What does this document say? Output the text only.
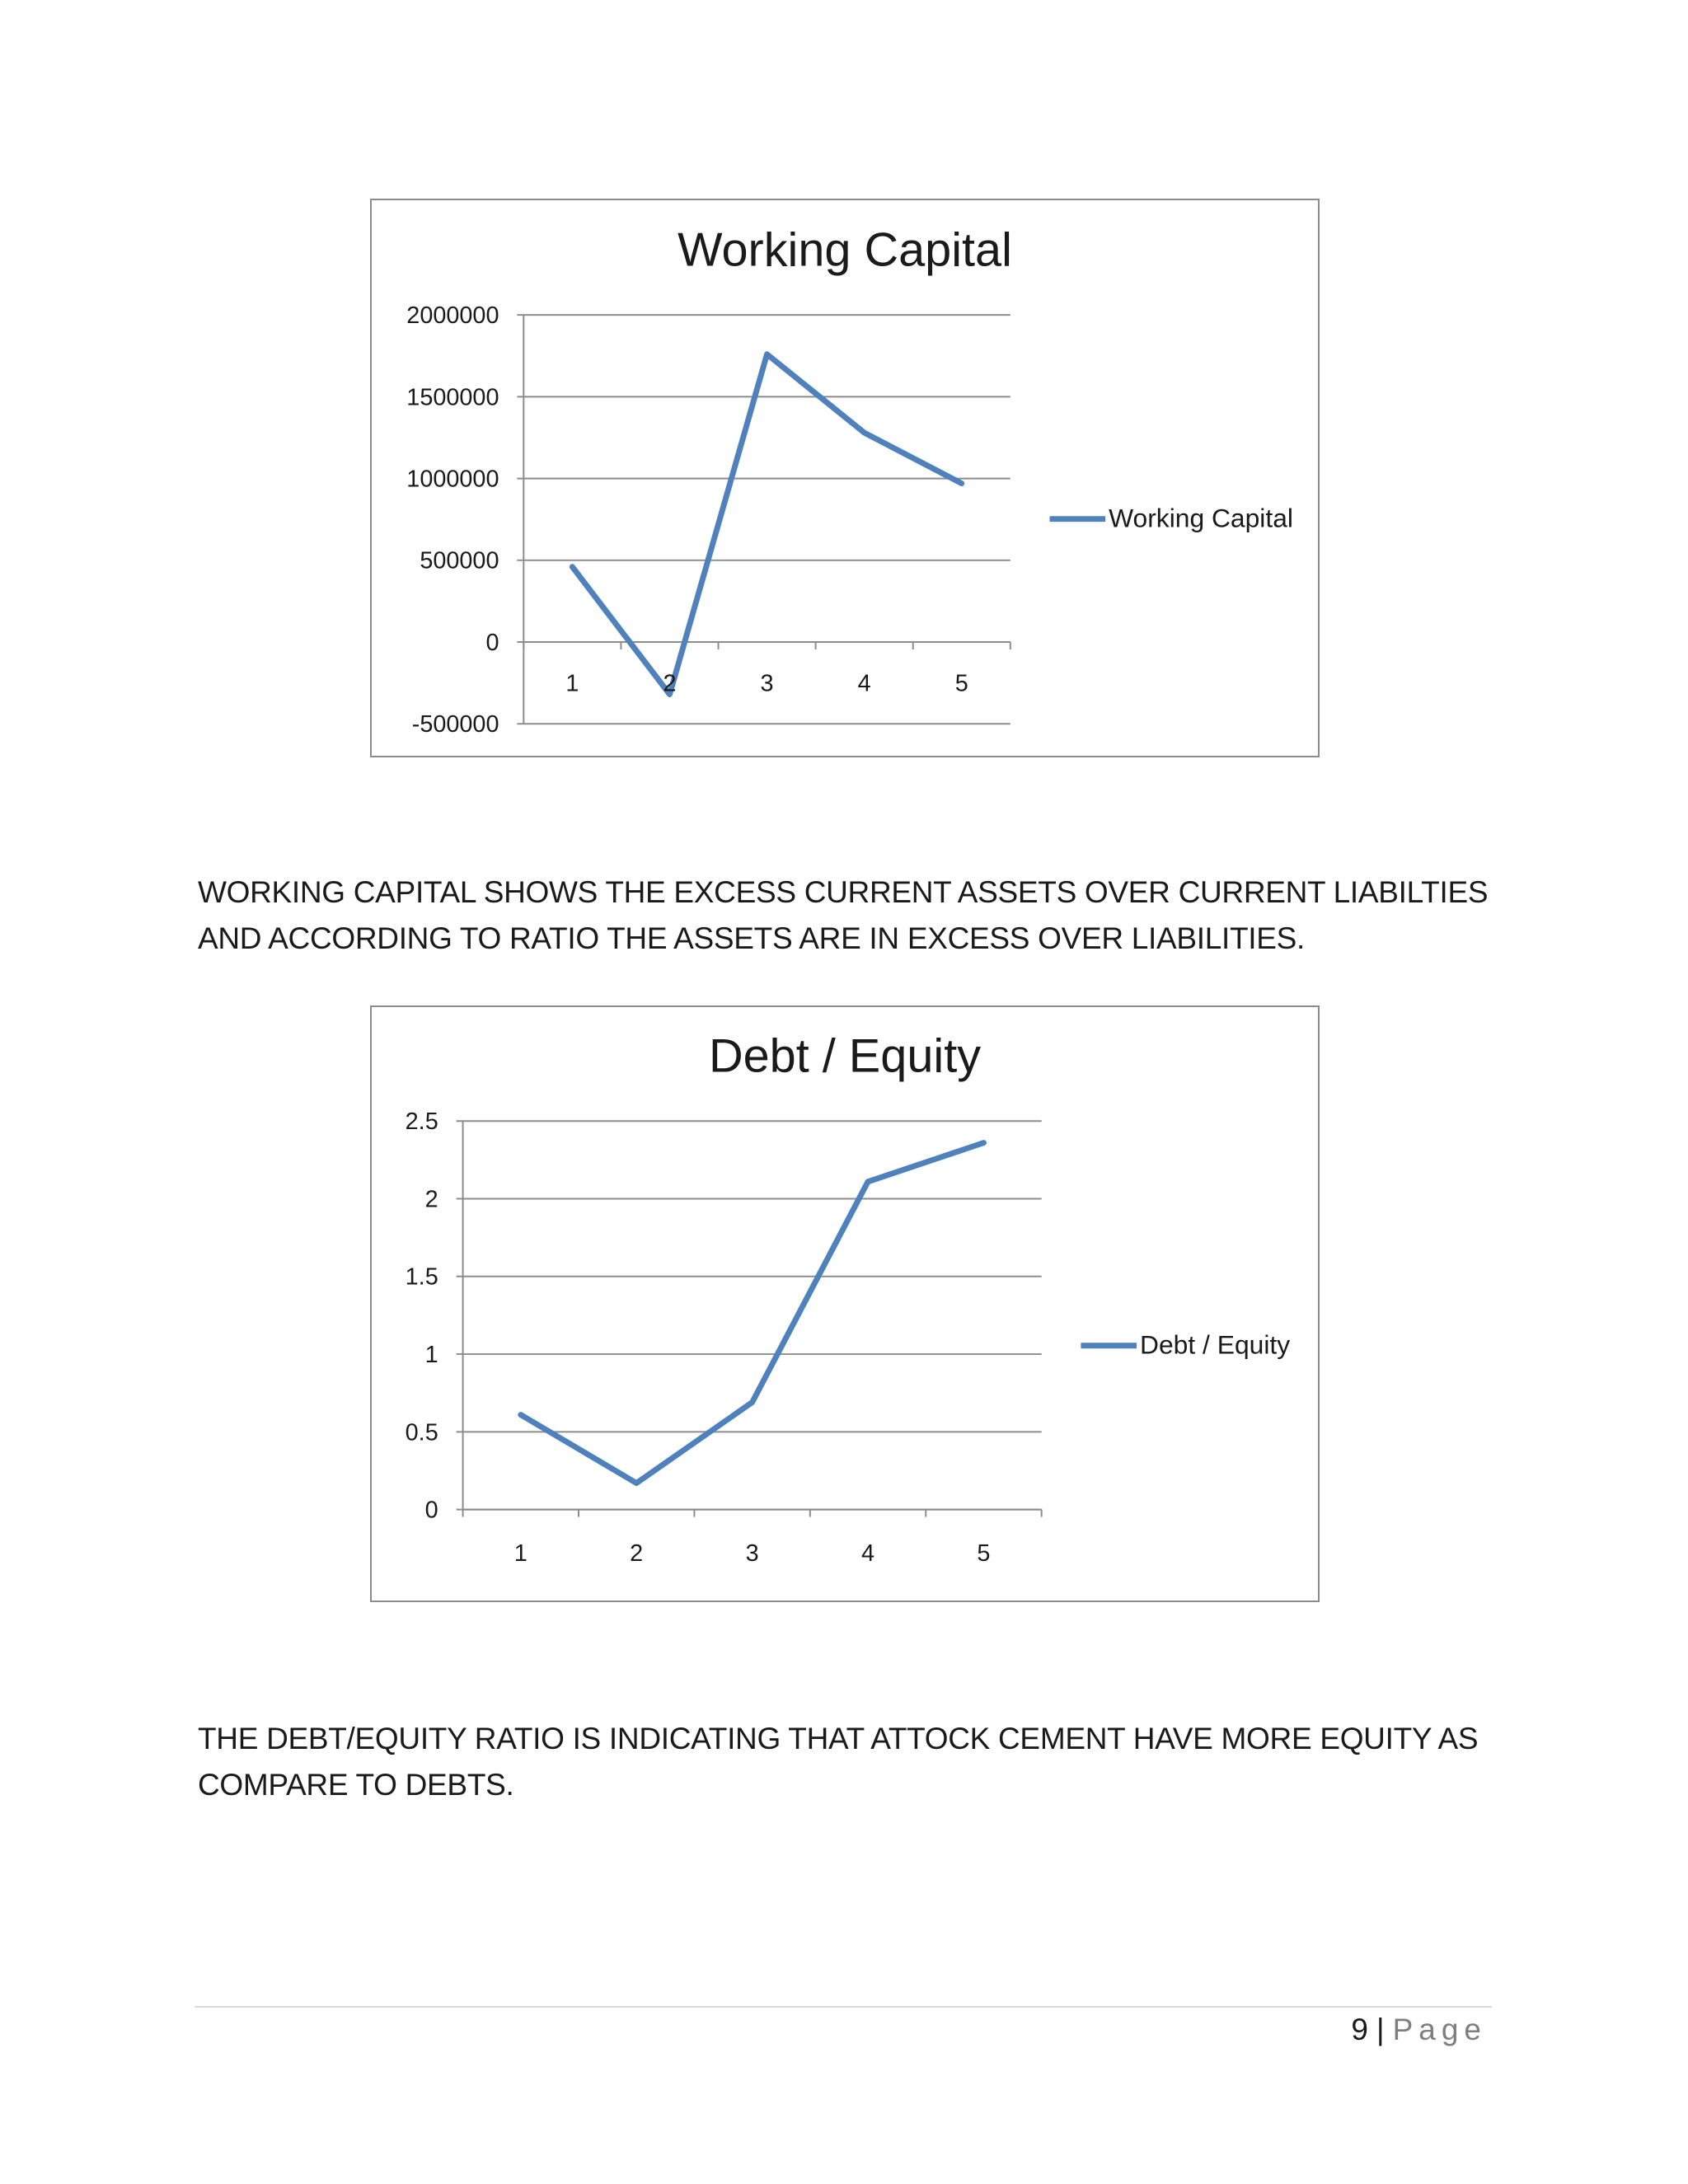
Working Capital
-500000
0
500000
1000000
1500000
2000000
1	2	3	4	5
Working Capital

WORKING CAPITAL SHOWS THE EXCESS CURRENT ASSETS OVER CURRENT LIABILTIES AND ACCORDING TO RATIO THE ASSETS ARE IN EXCESS OVER LIABILITIES.

Debt / Equity
0
0.5
1
1.5
2
2.5
1	2	3	4	5
Debt / Equity

THE DEBT/EQUITY RATIO IS INDICATING THAT ATTOCK CEMENT HAVE MORE EQUITY AS COMPARE TO DEBTS.

9 | Page
